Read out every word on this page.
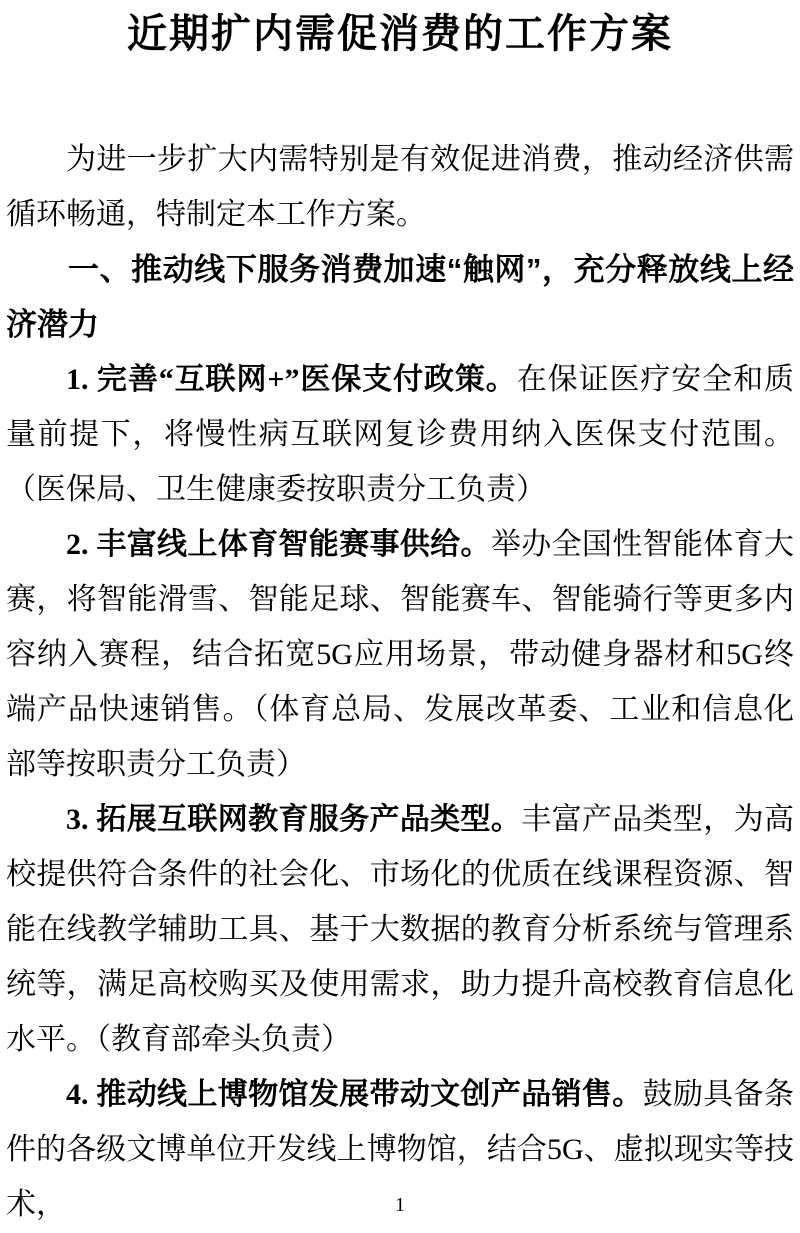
近期扩内需促消费的工作方案

为进一步扩大内需特别是有效促进消费，推动经济供需循环畅通，特制定本工作方案。

一、推动线下服务消费加速“触网”，充分释放线上经济潜力

1. 完善“互联网+”医保支付政策。在保证医疗安全和质量前提下，将慢性病互联网复诊费用纳入医保支付范围。（医保局、卫生健康委按职责分工负责）

2. 丰富线上体育智能赛事供给。举办全国性智能体育大赛，将智能滑雪、智能足球、智能赛车、智能骑行等更多内容纳入赛程，结合拓宽5G应用场景，带动健身器材和5G终端产品快速销售。（体育总局、发展改革委、工业和信息化部等按职责分工负责）

3. 拓展互联网教育服务产品类型。丰富产品类型，为高校提供符合条件的社会化、市场化的优质在线课程资源、智能在线教学辅助工具、基于大数据的教育分析系统与管理系统等，满足高校购买及使用需求，助力提升高校教育信息化水平。（教育部牵头负责）

4. 推动线上博物馆发展带动文创产品销售。鼓励具备条件的各级文博单位开发线上博物馆，结合5G、虚拟现实等技术，	1
